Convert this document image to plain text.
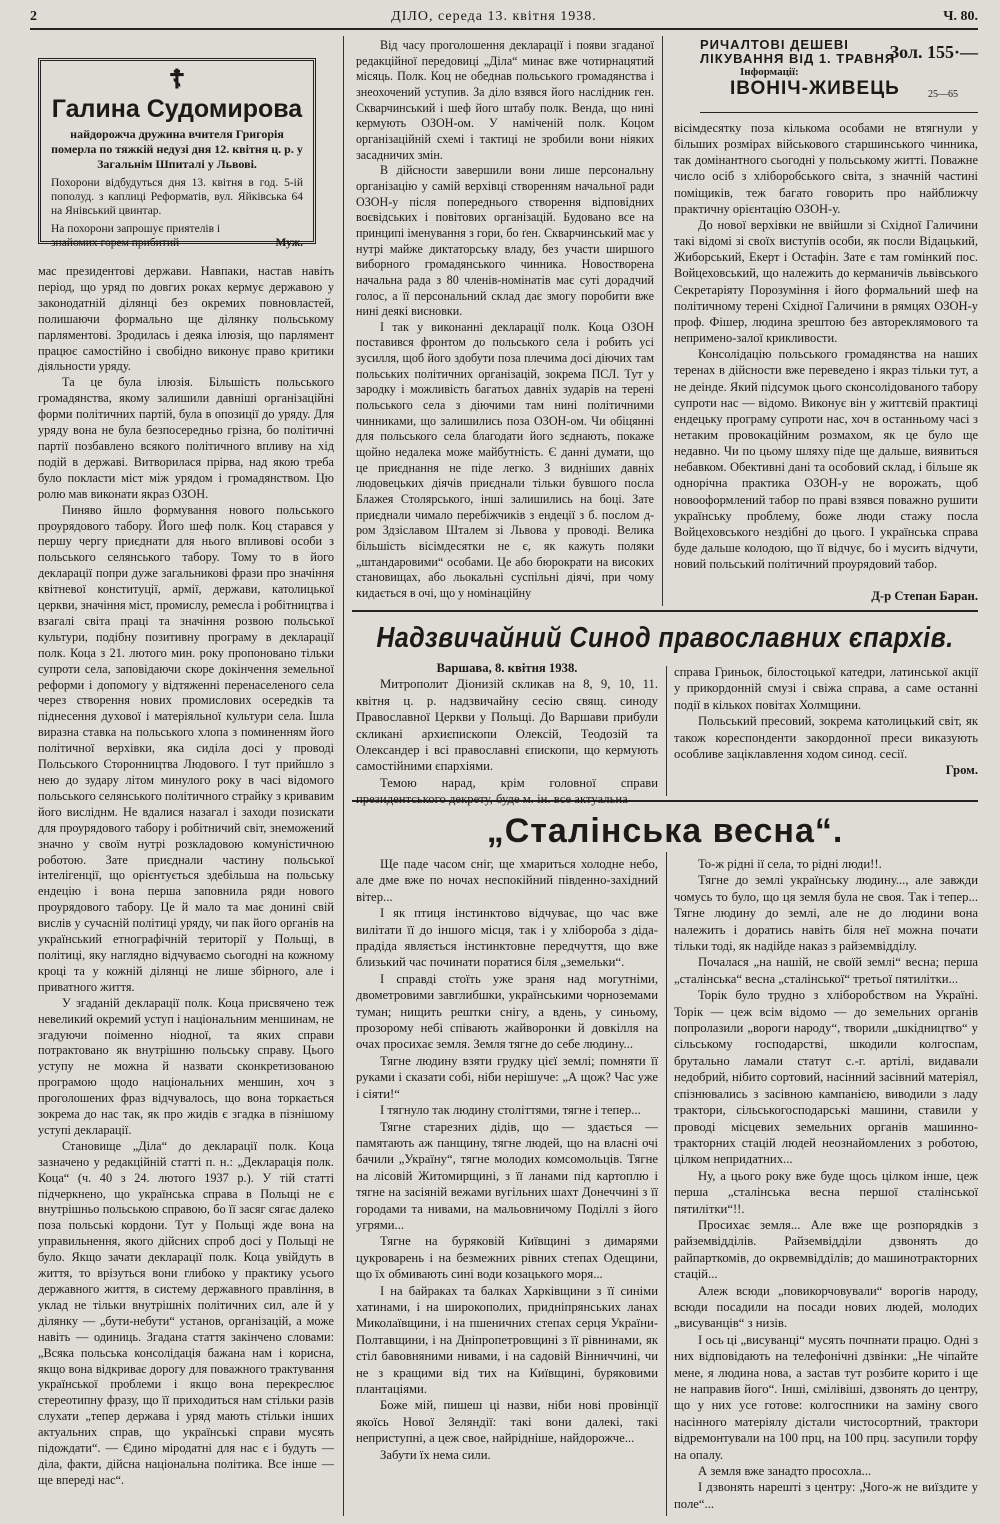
2	ДІЛО, середа 13. квітня 1938.	Ч. 80.
☦
Галина Судомирова
найдорожча дружина вчителя Григорія померла по тяжкій недузі дня 12. квітня ц. р. у Загальнім Шпиталі у Львові.
Похорони відбудуться дня 13. квітня в год. 5-ій пополуд. з каплиці Реформатів, вул. Яйківська 64 на Янівський цвинтар.
На похорони запрошує приятелів і знайомих горем прибитий	Муж.

мас президентові держави. Навпаки, настав навіть період, що уряд по довгих роках кермує державою у законодатній ділянці без окремих повновластей, полишаючи формально ще ділянку польському парляментові. Зродилась і деяка ілюзія, що парлямент працює самостійно і свобідно виконує право критики діяльности уряду.

Та це була ілюзія. Більшість польського громадянства, якому залишили давніші організаційні форми політичних партій, була в опозиції до уряду. Для уряду вона не була безпосередньо грізна, бо політичні партії позбавлено всякого політичного впливу на хід подій в державі. Витворилася прірва, над якою треба було покласти міст між урядом і громадянством. Цю ролю мав виконати якраз ОЗОН.

Пиняво йшло формування нового польського проурядового табору. Його шеф полк. Коц старався у першу чергу приєднати для нього впливові особи з польського селянського табору. Тому то в його декларації попри дуже загальникові фрази про значіння квітневої конституції, армії, держави, католицької церкви, значіння міст, промислу, ремесла і робітництва і взагалі світа праці та значіння розвою польської культури, подібну позитивну програму в декларації полк. Коца з 21. лютого мин. року пропоновано тільки супроти села, заповідаючи скоре докінчення земельної реформи і допомогу у відтяженні перенаселеного села через створення нових промислових осередків та піднесення духової і матеріяльної культури села. Ішла виразна ставка на польського хлопа з поминенням його політичної верхівки, яка сиділа досі у проводі Польського Сторонництва Людового. І тут прийшло з нею до зудару літом минулого року в часі відомого польського селянського політичного страйку з кривавим його висліднм. Не вдалися назагал і заходи позискати для проурядового табору і робітничий світ, знеможений значно у своїм нутрі розкладовою комуністичною роботою. Зате приєднали частину польської інтелігенції, що орієнтується здебільша на польську ендецію і вона перша заповнила ряди нового проурядового табору. Це й мало та має донині свій вислів у сучасній політиці уряду, чи пак його органів на український етнографічній території у Польщі, в політиці, яку наглядно відчуваємо сьогодні на кожному кроці та у кожній ділянці не лише збірного, але і приватного життя.

У згаданій декларації полк. Коца присвячено теж невеликий окремий уступ і національним меншинам, не згадуючи поіменно ніодної, та яких справи потрактовано як внутрішню польську справу. Цього уступу не можна й назвати сконкретизованою програмою щодо національних меншин, хоч з проголошених фраз відчувалось, що вона торкається зокрема до нас так, як про жидів є згадка в пізнішому уступі декларації.

Становище „Діла“ до декларації полк. Коца зазначено у редакційній статті п. н.: „Декларація полк. Коца“ (ч. 40 з 24. лютого 1937 р.). У тій статті підчеркнено, що українська справа в Польщі не є внутрішньо польською справою, бо її засяг сягає далеко поза польські кордони. Тут у Польщі жде вона на управильнення, якого дійсних спроб досі у Польщі не було. Якщо зачати декларації полк. Коца увійдуть в життя, то врізуться вони глибоко у практику усього державного життя, в систему державного правління, в уклад не тільки внутрішніх політичних сил, але й у ділянку — „бути-небути“ установ, організацій, а може навіть — одиниць. Згадана стаття закінчено словами: „Всяка польська консолідація бажана нам і корисна, якщо вона відкриває дорогу для поважного трактування української проблеми і якщо вона перекреслює стереотипну фразу, що її приходиться нам стільки разів слухати „тепер держава і уряд мають стільки інших актуальних справ, що українські справи мусять підождати“. — Єдино міродатні для нас є і будуть — діла, факти, дійсна національна політика. Все інше — ще впереді нас“.

Від часу проголошення декларації і появи згаданої редакційної передовиці „Діла“ минає вже чотирнацятий місяць. Полк. Коц не обеднав польського громадянства і знеохочений уступив. За діло взявся його наслідник ген. Скварчинський і шеф його штабу полк. Венда, що нині кермують ОЗОН-ом. У наміченій полк. Коцом організаційній схемі і тактиці не зробили вони ніяких засадничих змін.

В дійсности завершили вони лише персональну організацію у самій верхівці створенням начальної ради ОЗОН-у після попереднього створення відповідних воєвідських і повітових організацій. Будовано все на принципі іменування з гори, бо ґен. Скварчинський має у нутрі майже диктаторську владу, без участи ширшого виборного громадянського чинника. Новостворена начальна рада з 80 членів-номінатів має суті дорадчий голос, а її персональний склад дає змогу поробити вже нині деякі висновки.

І так у виконанні декларації полк. Коца ОЗОН поставився фронтом до польського села і робить усі зусилля, щоб його здобути поза плечима досі діючих там польських політичних організацій, зокрема ПСЛ. Тут у зародку і можливість багатьох давніх зударів на терені польського села з діючими там нині політичними чинниками, що залишились поза ОЗОН-ом. Чи обіцянні для польського села благодати його зєднають, покаже щойно недалека може майбутність. Є данні думати, що це приєднання не піде легко. З видніших давніх людовецьких діячів приєднали тільки бувшого посла Блажея Столярського, інші залишились на боці. Зате приєднали чимало перебіжчиків з ендеції з б. послом д-ром Здзіславом Шталем зі Львова у проводі. Велика більшість вісімдесятки не є, як кажуть поляки „штандаровими“ особами. Це або бюрократи на високих становищах, або льокальні суспільні діячі, при чому кидається в очі, що у номінаційну

РИЧАЛТОВІ ДЕШЕВІ
ЛІКУВАННЯ ВІД 1. ТРАВНЯ
Зол. 155·—
Інформації:
ІВОНІЧ-ЖИВЕЦЬ	25—65

вісімдесятку поза кількома особами не втягнули у більших розмірах військового старшинського чинника, так домінантного сьогодні у польському житті. Поважне число осіб з хліборобського світа, з значній частині поміщиків, теж багато говорить про найближчу практичну орієнтацію ОЗОН-у.

До нової верхівки не ввійшли зі Східної Галичини такі відомі зі своїх виступів особи, як посли Відацький, Жиборський, Екерт і Остафін. Зате є там гомінкий пос. Войцеховський, що належить до керманичів львівського Секретаріяту Порозуміння і його формальний шеф на політичному терені Східної Галичини в рямцях ОЗОН-у проф. Фішер, людина зрештою без автореклямового та непримено-залої крикливости.

Консолідацію польського громадянства на наших теренах в дійсности вже переведено і якраз тільки тут, а не деінде. Який підсумок цього сконсолідованого табору супроти нас — відомо. Виконує він у життєвій практиці ендецьку програму супроти нас, хоч в останньому часі з нетаким провокаційним розмахом, як це було ще недавно. Чи по цьому шляху піде ще дальше, виявиться небавком. Обективні дані та особовий склад, і більше як однорічна практика ОЗОН-у не ворожать, щоб новооформлений табор по праві взявся поважно рушити українську проблему, боже люди стажу посла Войцеховського нездібні до цього. І українська справа буде дальше колодою, що її відчує, бо і мусить відчути, новий польський політичний проурядовий табор.

Д-р Степан Баран.

Надзвичайний Синод православних єпархів.

Варшава, 8. квітня 1938.

Митрополит Діонизій скликав на 8, 9, 10, 11. квітня ц. р. надзвичайну сесію свящ. синоду Православної Церкви у Польщі. До Варшави прибули скликані архиєпископи Олексій, Теодозій та Олександер і всі православні єпископи, що кермують самостійними єпархіями.

Темою нарад, крім головної справи президентського декрету, буде м. ін. все актуальна

справа Гриньок, білостоцької катедри, латинської акції у прикордонній смузі і свіжа справа, а саме останні події в кількох повітах Холмщини.

Польський пресовий, зокрема католицький світ, як також кореспонденти закордонної преси виказують особливе заціклавлення ходом синод. сесії.

Гром.

„Сталінська весна“.

Ще паде часом сніг, ще хмариться холодне небо, але дме вже по ночах неспокійний південно-західний вітер...

І як птиця інстинктово відчуває, що час вже вилітати її до іншого місця, так і у хлібороба з діда-прадіда являється інстинктовне передчуття, що вже близький час починати поратися біля „земельки“.

І справді стоїть уже зраня над могутніми, двометровими завглибшки, українськими чорноземами туман; нищить рештки снігу, а вдень, у синьому, прозорому небі співають жайворонки й довкілля на очах просихає земля. Земля тягне до себе людину...

Тягне людину взяти грудку цієї землі; помняти її руками і сказати собі, ніби нерішуче: „А щож? Час уже і сіяти!“

І тягнуло так людину століттями, тягне і тепер...

Тягне старезних дідів, що — здається — памятають аж панщину, тягне людей, що на власні очі бачили „Україну“, тягне молодих комсомольців. Тягне на лісовій Житомирщині, з її ланами під картоплю і тягне на засіяній вежами вугільних шахт Донеччині з її городами та нивами, на мальовничому Поділлі з його угрями...

Тягне на буряковій Київщині з димарями цукроварень і на безмежних рівних степах Одещини, що їх обмивають сині води козацького моря...

І на байраках та балках Харківщини з її синіми хатинами, і на широкополих, придніпрянських ланах Миколаївщини, і на пшеничних степах серця України-Полтавщини, і на Дніпропетровщині з її рівнинами, як стіл бавовняними нивами, і на садовій Вінниччині, чи не з кращими від тих на Київщині, буряковими плантаціями.

Боже мій, пишеш ці назви, ніби нові провінції якоїсь Нової Зеляндії: такі вони далекі, такі неприступні, а цеж свое, найрідніше, найдорожче...

Забути їх нема сили.

То-ж рідні ії села, то рідні люди!!.

Тягне до землі українську людину..., але завжди чомусь то було, що ця земля була не своя. Так і тепер... Тягне людину до землі, але не до людини вона належить і доратись навіть біля неї можна почати тільки тоді, як надійде наказ з райземвідділу.

Почалася „на нашій, не своїй землі“ весна; перша „сталінська“ весна „сталінської“ третьої пятилітки...

Торік було трудно з хліборобством на Україні. Торік — цеж всім відомо — до земельних органів попролазили „вороги народу“, творили „шкідництво“ у сільському господарстві, шкодили колгоспам, брутально ламали статут с.-г. артілі, видавали недобрий, нібито сортовий, насінний засівний матеріял, спізнювались з засівною кампанією, виводили з ладу трактори, сільськогосподарські машини, ставили у проводі місцевих земельних органів машинно-тракторних стацій людей неознайомлених з роботою, цілком непридатних...

Ну, а цього року вже буде щось цілком інше, цеж перша „сталінська весна першої сталінської пятилітки“!!.

Просихає земля... Але вже ще розпорядків з райземвідділів. Райземвідділи дзвонять до райпарткомів, до окрвемвідділів; до машинотракторних стацій...

Алеж всюди „повикорчовували“ ворогів народу, всюди посадили на посади нових людей, молодих „висуванців“ з низів.

І ось ці „висуванці“ мусять почпнати працю. Одні з них відповідають на телефонічні дзвінки: „Не чіпайте мене, я людина нова, а застав тут розбите корито і ще не направив його“. Інші, смілівіші, дзвонять до центру, що у них усе готове: колгоспники на заміну свого насінного матеріялу дістали чистосортний, трактори відремонтували на 100 прц, на 100 прц. засупили торфу на опалу.

А земля вже занадто просохла...

І дзвонять нарешті з центру: „Чого-ж не виїздите у поле“...
